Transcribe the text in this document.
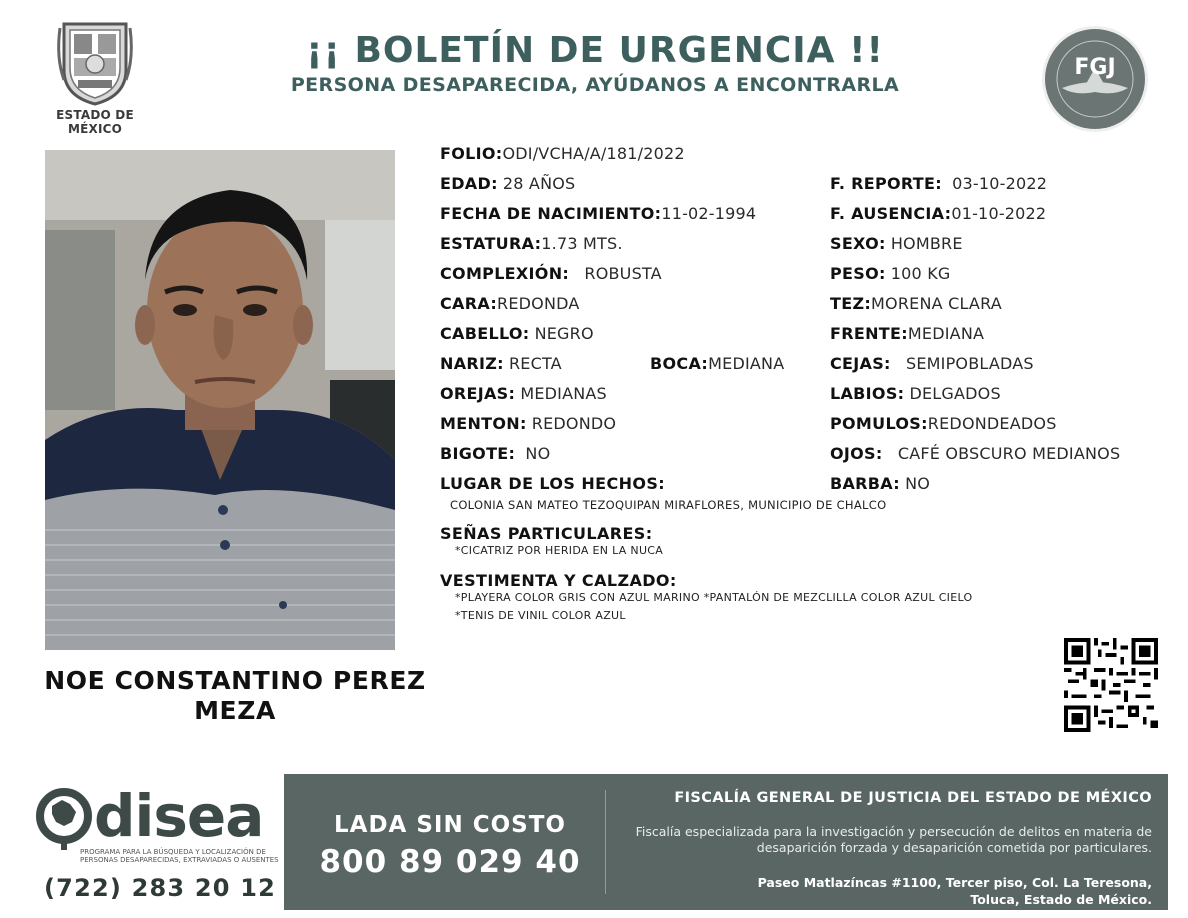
ESTADO DE MÉXICO
¡¡ BOLETÍN DE URGENCIA !!
PERSONA DESAPARECIDA, AYÚDANOS A ENCONTRARLA
FGJ
NOE CONSTANTINO PEREZ MEZA
FOLIO:ODI/VCHA/A/181/2022
EDAD: 28 AÑOS
FECHA DE NACIMIENTO:11-02-1994
ESTATURA:1.73 MTS.
COMPLEXIÓN: ROBUSTA
CARA:REDONDA
CABELLO: NEGRO
NARIZ: RECTA	BOCA:MEDIANA
OREJAS: MEDIANAS
MENTON: REDONDO
BIGOTE: NO
LUGAR DE LOS HECHOS:
COLONIA SAN MATEO TEZOQUIPAN MIRAFLORES, MUNICIPIO DE CHALCO
F. REPORTE: 03-10-2022
F. AUSENCIA:01-10-2022
SEXO: HOMBRE
PESO: 100 KG
TEZ:MORENA CLARA
FRENTE:MEDIANA
CEJAS: SEMIPOBLADAS
LABIOS: DELGADOS
POMULOS:REDONDEADOS
OJOS: CAFÉ OBSCURO MEDIANOS
BARBA: NO
SEÑAS PARTICULARES:
*CICATRIZ POR HERIDA EN LA NUCA
VESTIMENTA Y CALZADO:
*PLAYERA COLOR GRIS CON AZUL MARINO *PANTALÓN DE MEZCLILLA COLOR AZUL CIELO
*TENIS DE VINIL COLOR AZUL
disea
PROGRAMA PARA LA BÚSQUEDA Y LOCALIZACIÓN DE PERSONAS DESAPARECIDAS, EXTRAVIADAS O AUSENTES
(722) 283 20 12
LADA SIN COSTO
800 89 029 40
FISCALÍA GENERAL DE JUSTICIA DEL ESTADO DE MÉXICO
Fiscalía especializada para la investigación y persecución de delitos en materia de desaparición forzada y desaparición cometida por particulares.
Paseo Matlazíncas #1100, Tercer piso, Col. La Teresona,
Toluca, Estado de México.
